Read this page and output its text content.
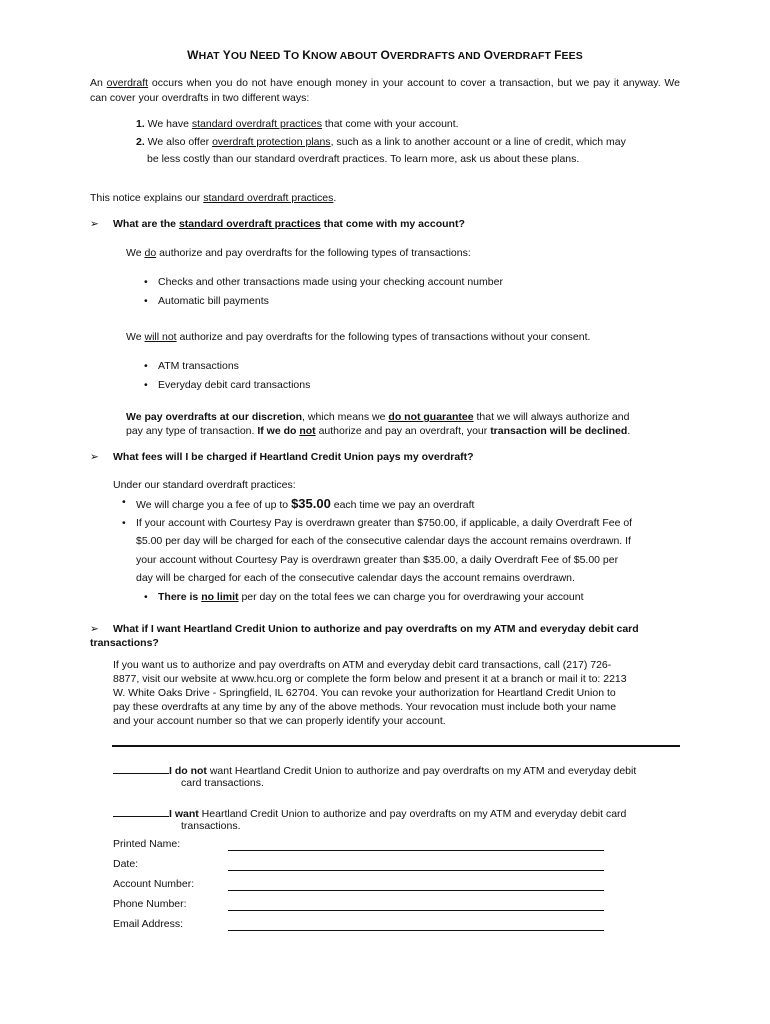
WHAT YOU NEED TO KNOW ABOUT OVERDRAFTS AND OVERDRAFT FEES
An overdraft occurs when you do not have enough money in your account to cover a transaction, but we pay it anyway. We can cover your overdrafts in two different ways:
1. We have standard overdraft practices that come with your account.
2. We also offer overdraft protection plans, such as a link to another account or a line of credit, which may
be less costly than our standard overdraft practices. To learn more, ask us about these plans.
This notice explains our standard overdraft practices.
➢ What are the standard overdraft practices that come with my account?
We do authorize and pay overdrafts for the following types of transactions:
• Checks and other transactions made using your checking account number
• Automatic bill payments
We will not authorize and pay overdrafts for the following types of transactions without your consent.
• ATM transactions
• Everyday debit card transactions
We pay overdrafts at our discretion, which means we do not guarantee that we will always authorize and
pay any type of transaction. If we do not authorize and pay an overdraft, your transaction will be declined.
➢ What fees will I be charged if Heartland Credit Union pays my overdraft?
Under our standard overdraft practices:
• We will charge you a fee of up to $35.00 each time we pay an overdraft
• If your account with Courtesy Pay is overdrawn greater than $750.00, if applicable, a daily Overdraft Fee of
$5.00 per day will be charged for each of the consecutive calendar days the account remains overdrawn. If
your account without Courtesy Pay is overdrawn greater than $35.00, a daily Overdraft Fee of $5.00 per
day will be charged for each of the consecutive calendar days the account remains overdrawn.
• There is no limit per day on the total fees we can charge you for overdrawing your account
➢ What if I want Heartland Credit Union to authorize and pay overdrafts on my ATM and everyday debit card
transactions?
If you want us to authorize and pay overdrafts on ATM and everyday debit card transactions, call (217) 726-
8877, visit our website at www.hcu.org or complete the form below and present it at a branch or mail it to: 2213
W. White Oaks Drive - Springfield, IL 62704. You can revoke your authorization for Heartland Credit Union to
pay these overdrafts at any time by any of the above methods. Your revocation must include both your name
and your account number so that we can properly identify your account.
I do not want Heartland Credit Union to authorize and pay overdrafts on my ATM and everyday debit
card transactions.
I want Heartland Credit Union to authorize and pay overdrafts on my ATM and everyday debit card
transactions.
Printed Name:
Date:
Account Number:
Phone Number:
Email Address:
